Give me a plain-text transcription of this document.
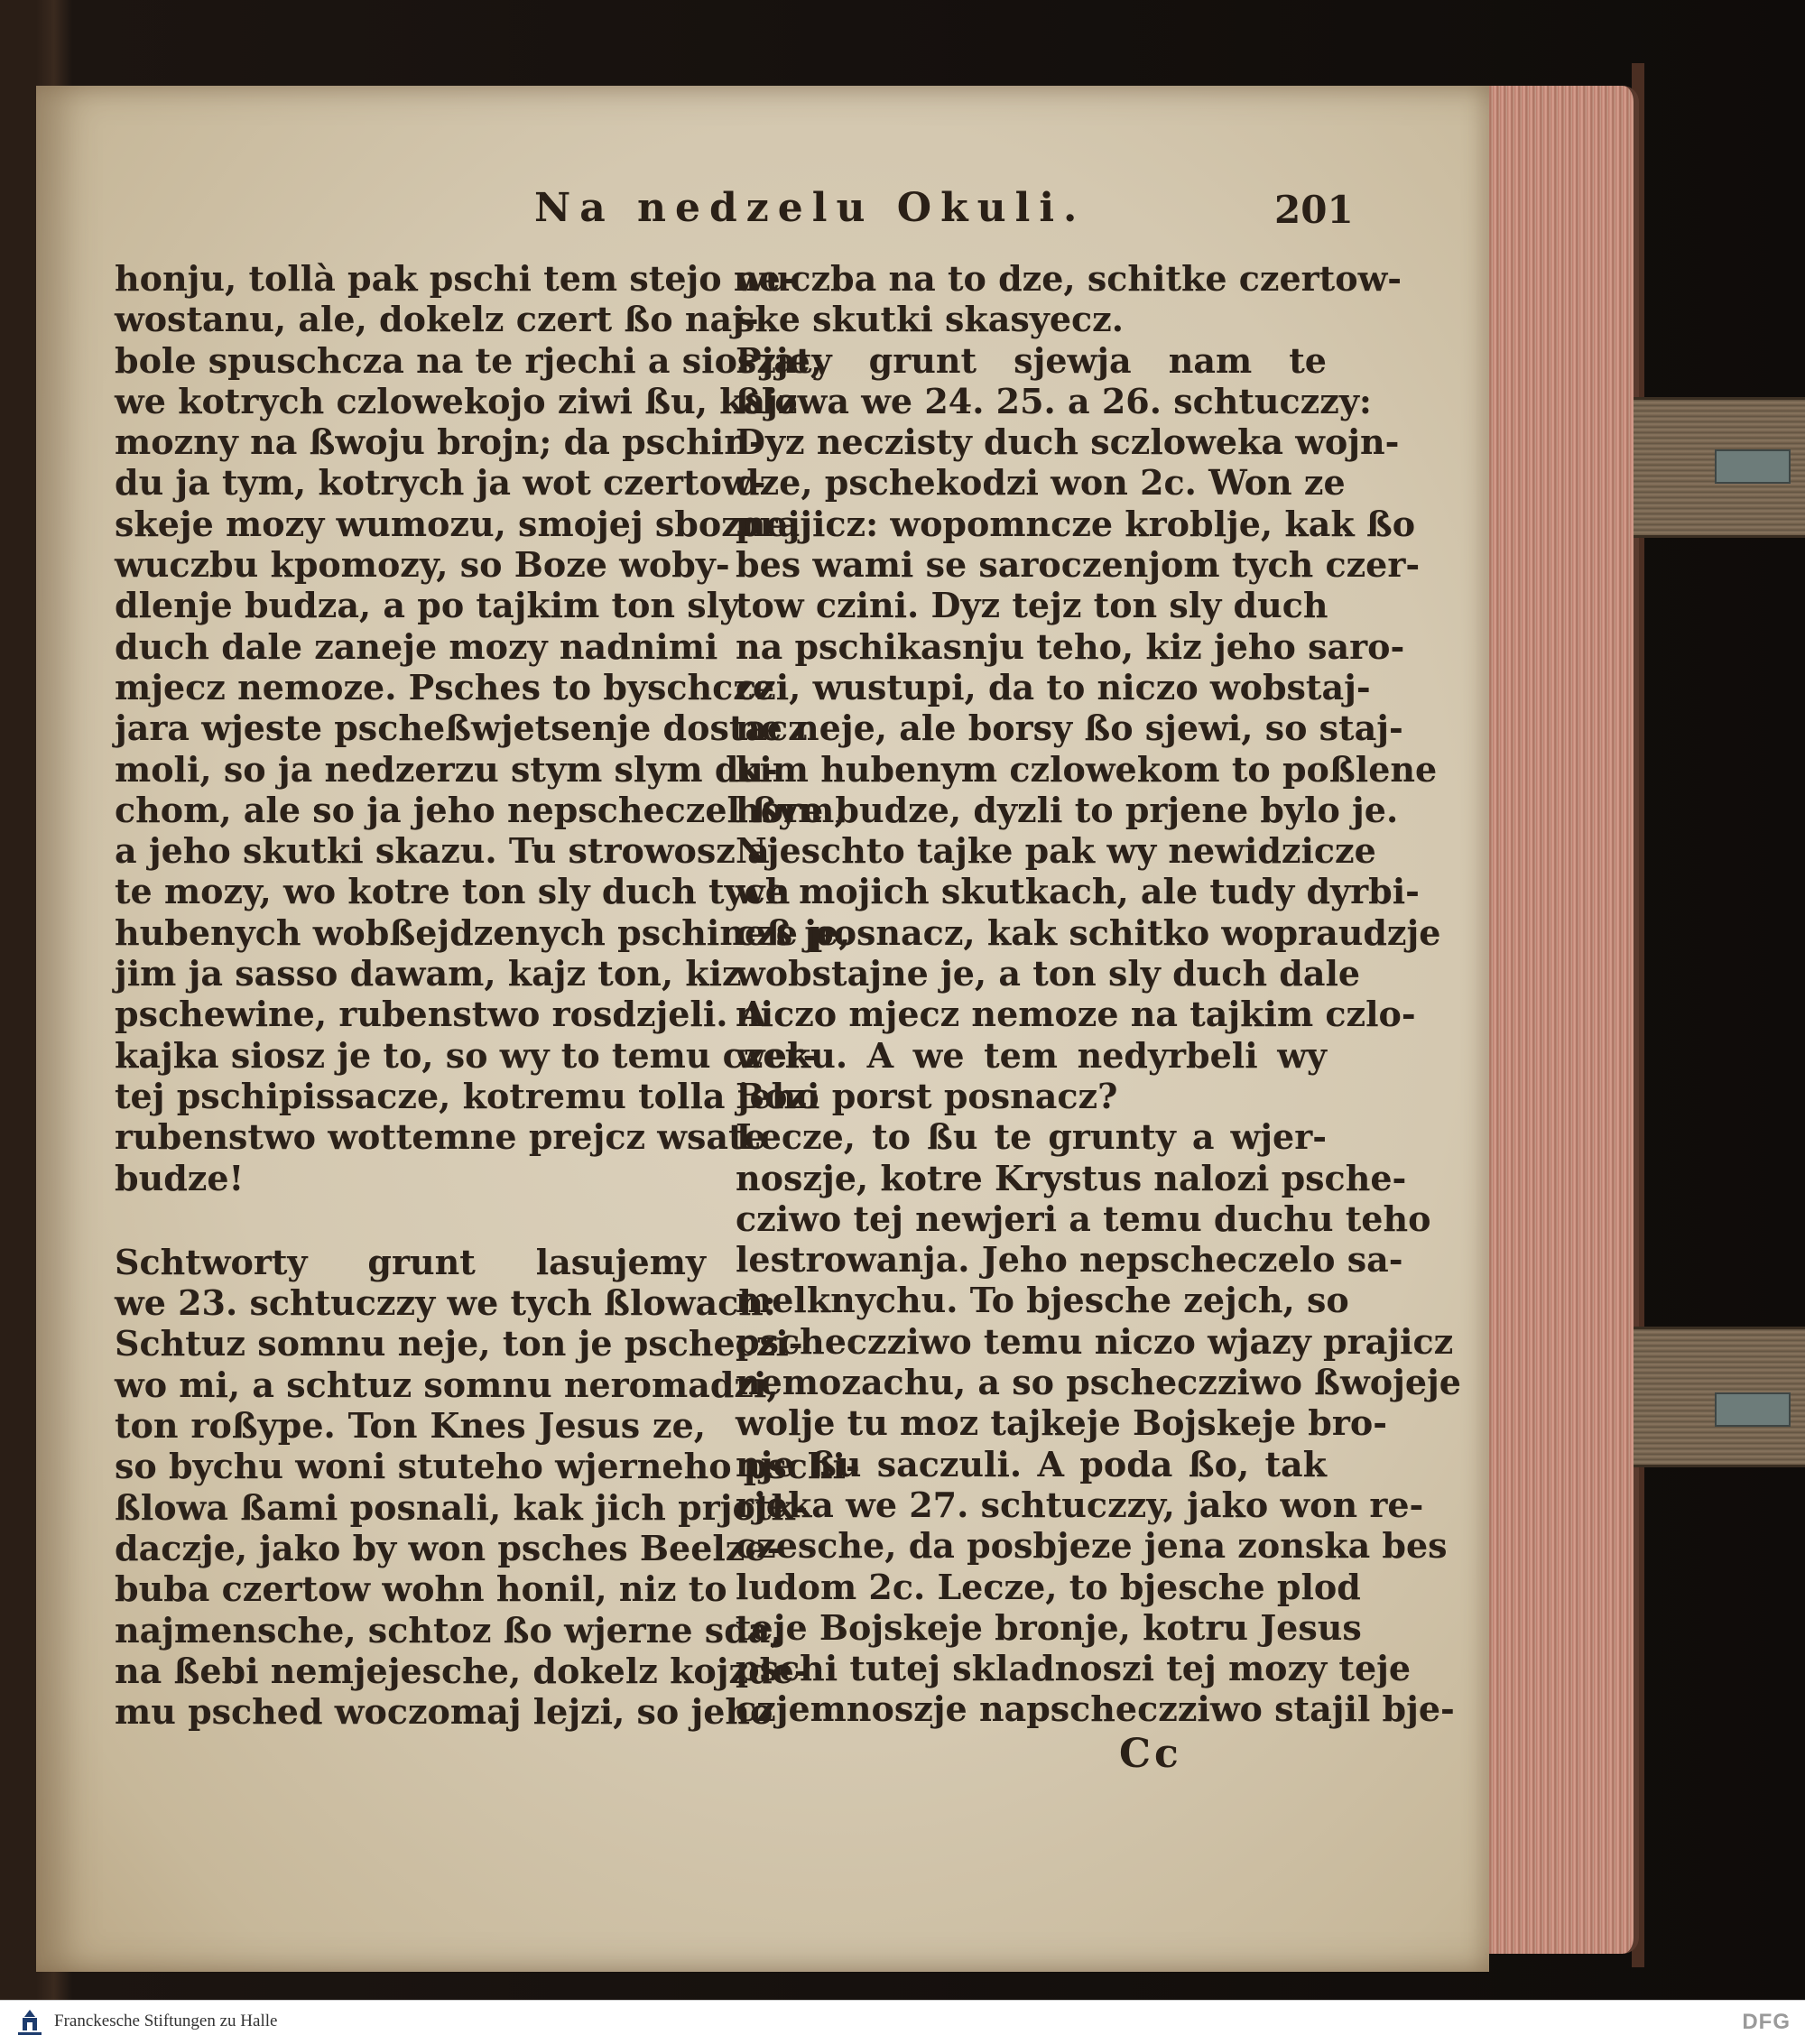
Na nedzelu Okuli.	201
honju, tollà pak pschi tem stejo ne-
wostanu, ale, dokelz czert ßo naj-
bole spuschcza na te rjechi a sioszje,
we kotrych czlowekojo ziwi ßu, kajz
mozny na ßwoju brojn; da pschin-
du ja tym, kotrych ja wot czertow-
skeje mozy wumozu, smojej sboznej
wuczbu kpomozy, so Boze woby-
dlenje budza, a po tajkim ton sly
duch dale zaneje mozy nadnimi
mjecz nemoze. Psches to byschcze
jara wjeste pscheßwjetsenje dostacz
moli, so ja nedzerzu stym slym du-
chom, ale so ja jeho nepscheczel ßym,
a jeho skutki skazu. Tu strowosz a
te mozy, wo kotre ton sly duch tych
hubenych wobßejdzenych pschineß je,
jim ja sasso dawam, kajz ton, kiz
pschewine, rubenstwo rosdzjeli. A
kajka siosz je to, so wy to temu czer-
tej pschipissacze, kotremu tolla jeho
rubenstwo wottemne prejcz wsate
budze!
Schtworty grunt lasujemy
we 23. schtuczzy we tych ßlowach:
Schtuz somnu neje, ton je pscheczi-
wo mi, a schtuz somnu neromadzi,
ton roßype. Ton Knes Jesus ze,
so bychu woni stuteho wjerneho pschi-
ßlowa ßami posnali, kak jich prjotk-
daczje, jako by won psches Beelze-
buba czertow wohn honil, niz to
najmensche, schtoz ßo wjerne sda,
na ßebi nemjejesche, dokelz kojzde-
mu psched woczomaj lejzi, so jeho
wuczba na to dze, schitke czertow-
ske skutki skasyecz.
Pjaty grunt sjewja nam te
ßlowa we 24. 25. a 26. schtuczzy:
Dyz neczisty duch sczloweka wojn-
dze, pschekodzi won 2c. Won ze
prajicz: wopomncze kroblje, kak ßo
bes wami se saroczenjom tych czer-
tow czini. Dyz tejz ton sly duch
na pschikasnju teho, kiz jeho saro-
czi, wustupi, da to niczo wobstaj-
ne neje, ale borsy ßo sjewi, so staj-
kim hubenym czlowekom to poßlene
hore budze, dyzli to prjene bylo je.
Njeschto tajke pak wy newidzicze
we mojich skutkach, ale tudy dyrbi-
cze posnacz, kak schitko wopraudzje
wobstajne je, a ton sly duch dale
niczo mjecz nemoze na tajkim czlo-
weku. A we tem nedyrbeli wy
Bozi porst posnacz?
Lecze, to ßu te grunty a wjer-
noszje, kotre Krystus nalozi psche-
cziwo tej newjeri a temu duchu teho
lestrowanja. Jeho nepscheczelo sa-
melknychu. To bjesche zejch, so
pscheczziwo temu niczo wjazy prajicz
nemozachu, a so pscheczziwo ßwojeje
wolje tu moz tajkeje Bojskeje bro-
nje ßu saczuli. A poda ßo, tak
rjeka we 27. schtuczzy, jako won re-
czesche, da posbjeze jena zonska bes
ludom 2c. Lecze, to bjesche plod
teje Bojskeje bronje, kotru Jesus
pschi tutej skladnoszi tej mozy teje
czjemnoszje napscheczziwo stajil bje-
Cc
Franckesche Stiftungen zu Halle	DFG
